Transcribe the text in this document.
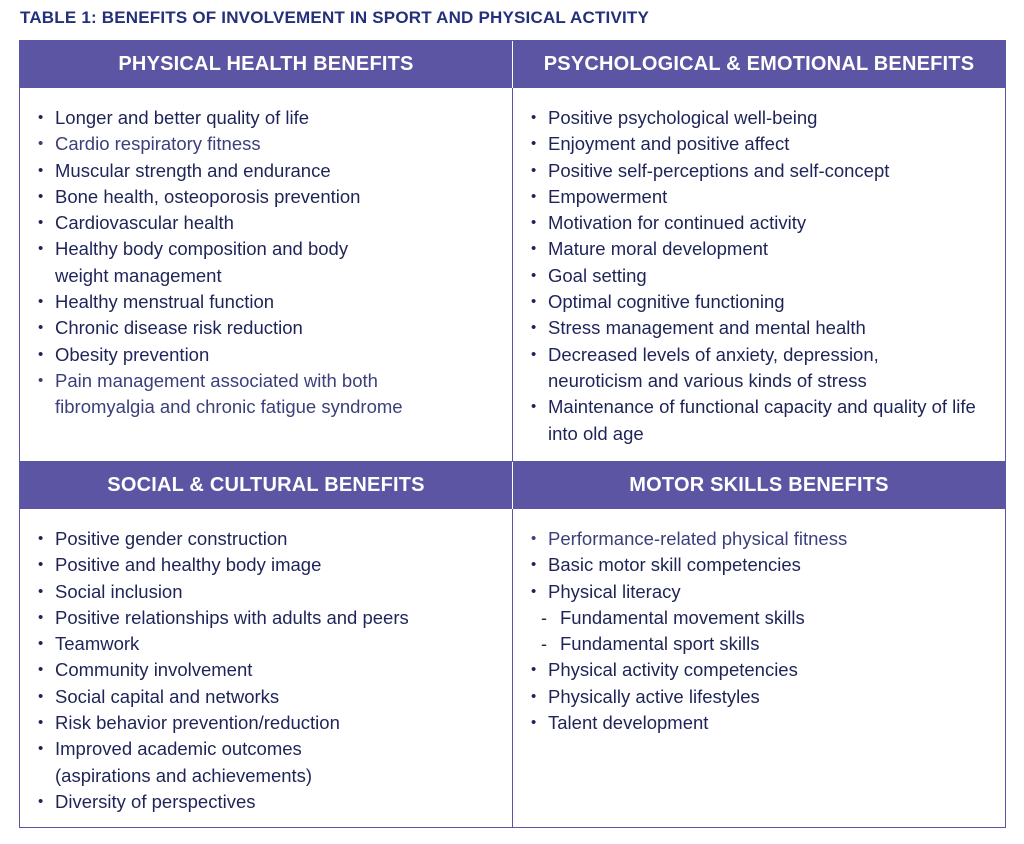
TABLE 1: BENEFITS OF INVOLVEMENT IN SPORT AND PHYSICAL ACTIVITY
PHYSICAL HEALTH BENEFITS	PSYCHOLOGICAL & EMOTIONAL BENEFITS
• Longer and better quality of life
• Cardio respiratory fitness
• Muscular strength and endurance
• Bone health, osteoporosis prevention
• Cardiovascular health
• Healthy body composition and body weight management
• Healthy menstrual function
• Chronic disease risk reduction
• Obesity prevention
• Pain management associated with both fibromyalgia and chronic fatigue syndrome
• Positive psychological well-being
• Enjoyment and positive affect
• Positive self-perceptions and self-concept
• Empowerment
• Motivation for continued activity
• Mature moral development
• Goal setting
• Optimal cognitive functioning
• Stress management and mental health
• Decreased levels of anxiety, depression, neuroticism and various kinds of stress
• Maintenance of functional capacity and quality of life into old age
SOCIAL & CULTURAL BENEFITS	MOTOR SKILLS BENEFITS
• Positive gender construction
• Positive and healthy body image
• Social inclusion
• Positive relationships with adults and peers
• Teamwork
• Community involvement
• Social capital and networks
• Risk behavior prevention/reduction
• Improved academic outcomes (aspirations and achievements)
• Diversity of perspectives
• Performance-related physical fitness
• Basic motor skill competencies
• Physical literacy
- Fundamental movement skills
- Fundamental sport skills
• Physical activity competencies
• Physically active lifestyles
• Talent development
